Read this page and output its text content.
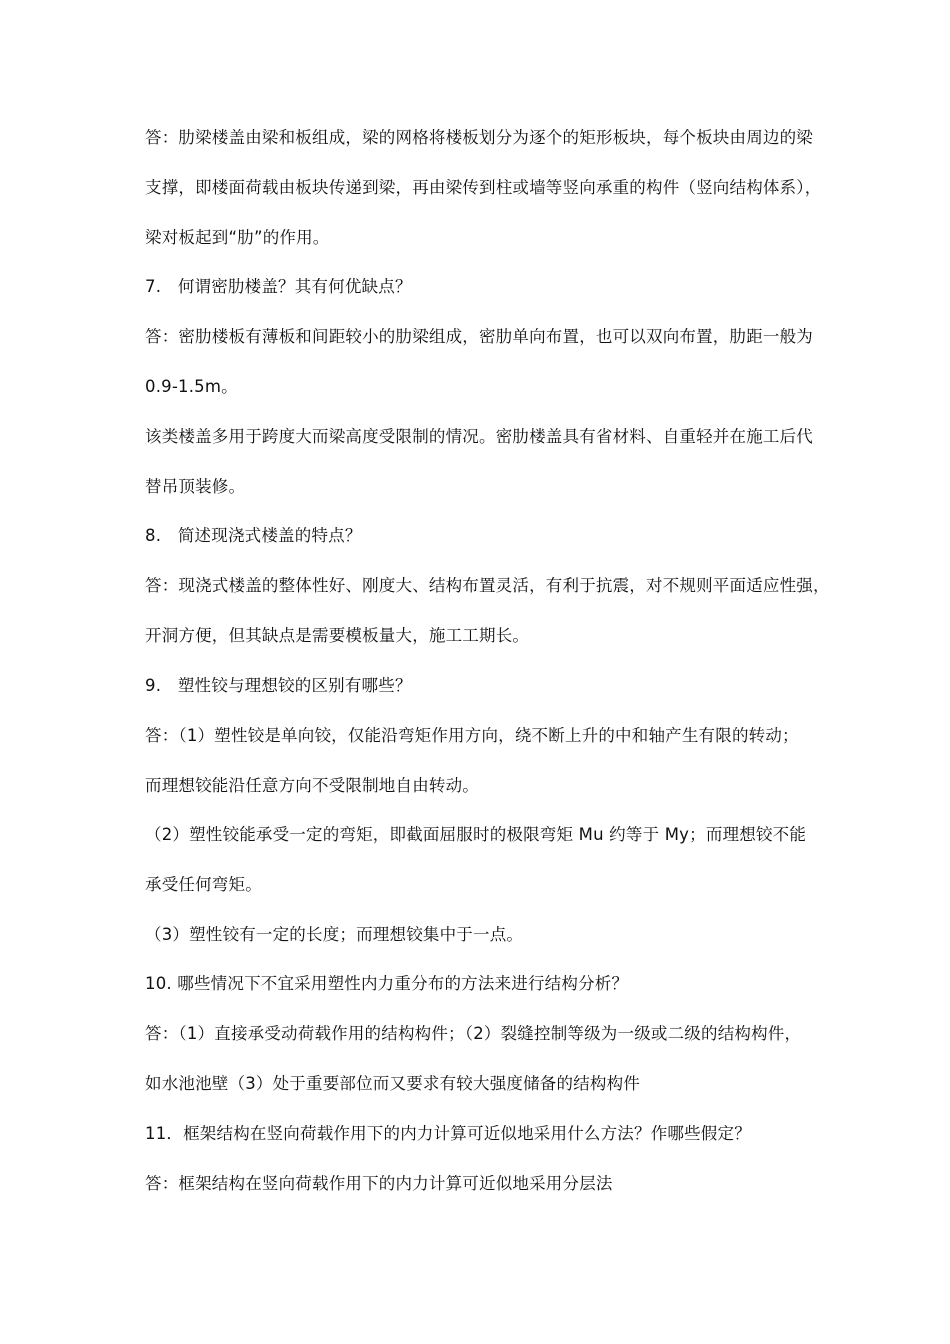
答：肋梁楼盖由梁和板组成，梁的网格将楼板划分为逐个的矩形板块，每个板块由周边的梁
支撑，即楼面荷载由板块传递到梁，再由梁传到柱或墙等竖向承重的构件（竖向结构体系），
梁对板起到“肋”的作用。
7. 何谓密肋楼盖？其有何优缺点？
答：密肋楼板有薄板和间距较小的肋梁组成，密肋单向布置，也可以双向布置，肋距一般为
0.9-1.5m。
该类楼盖多用于跨度大而梁高度受限制的情况。密肋楼盖具有省材料、自重轻并在施工后代
替吊顶装修。
8. 简述现浇式楼盖的特点？
答：现浇式楼盖的整体性好、刚度大、结构布置灵活，有利于抗震，对不规则平面适应性强，
开洞方便，但其缺点是需要模板量大，施工工期长。
9. 塑性铰与理想铰的区别有哪些？
答：（1）塑性铰是单向铰，仅能沿弯矩作用方向，绕不断上升的中和轴产生有限的转动；
而理想铰能沿任意方向不受限制地自由转动。
（2）塑性铰能承受一定的弯矩，即截面屈服时的极限弯矩 Mu 约等于 My；而理想铰不能
承受任何弯矩。
（3）塑性铰有一定的长度；而理想铰集中于一点。
10. 哪些情况下不宜采用塑性内力重分布的方法来进行结构分析？
答：（1）直接承受动荷载作用的结构构件；（2）裂缝控制等级为一级或二级的结构构件，
如水池池壁（3）处于重要部位而又要求有较大强度储备的结构构件
11．框架结构在竖向荷载作用下的内力计算可近似地采用什么方法？作哪些假定？
答：框架结构在竖向荷载作用下的内力计算可近似地采用分层法
